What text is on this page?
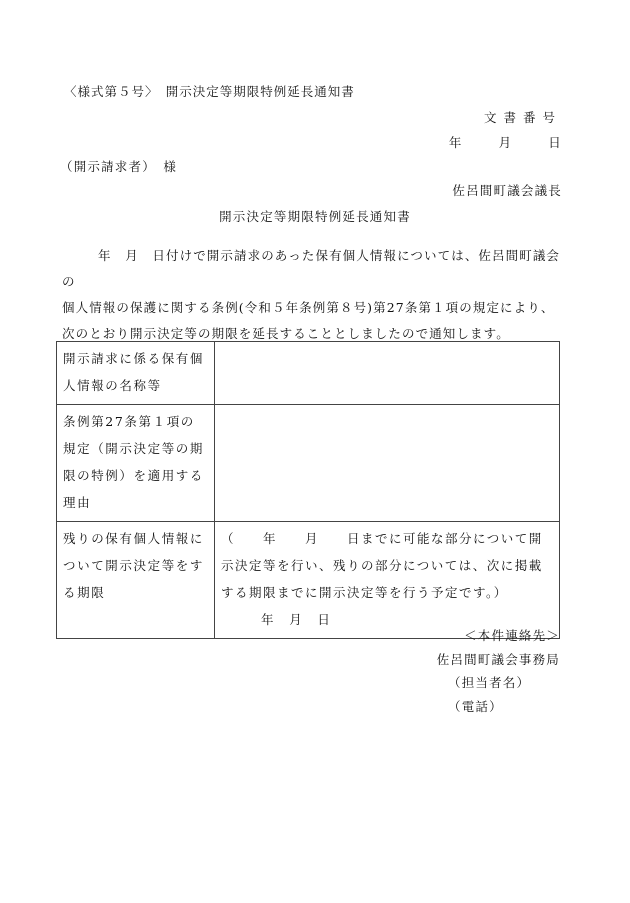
〈様式第５号〉　開示決定等期限特例延長通知書
文書番号
年	月	日
（開示請求者）　様
佐呂間町議会議長
開示決定等期限特例延長通知書

年　月　日付けで開示請求のあった保有個人情報については、佐呂間町議会の

個人情報の保護に関する条例(令和５年条例第８号)第27条第１項の規定により、

次のとおり開示決定等の期限を延長することとしましたので通知します。

開示請求に係る保有個人情報の名称等	
条例第27条第１項の規定（開示決定等の期限の特例）を適用する理由	
残りの保有個人情報について開示決定等をする期限	（　　年　　月　　日までに可能な部分について開示決定等を行い、残りの部分については、次に掲載する期限までに開示決定等を行う予定です。）
年　月　日
＜本件連絡先＞
佐呂間町議会事務局
（担当者名）
（電話）
